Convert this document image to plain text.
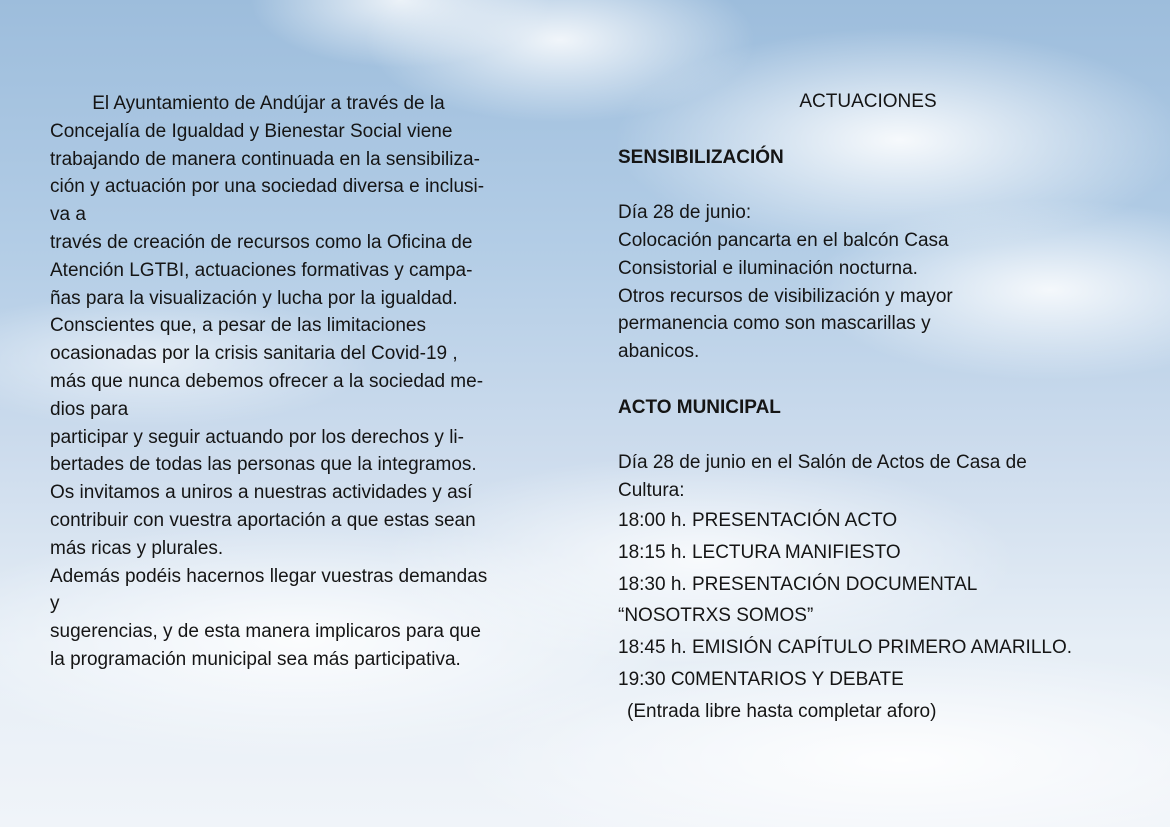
El Ayuntamiento de Andújar a través de la

Concejalía de Igualdad y Bienestar Social viene

trabajando de manera continuada en la sensibiliza-

ción y actuación por una sociedad diversa e inclusi-

va a

través de creación de recursos como la Oficina de

Atención LGTBI, actuaciones formativas y campa-

ñas para la visualización y lucha por la igualdad.

Conscientes que, a pesar de las limitaciones

ocasionadas por la crisis sanitaria del Covid-19 ,

más que nunca debemos ofrecer a la sociedad me-

dios para

participar y seguir actuando por los derechos y li-

bertades de todas las personas que la integramos.

Os invitamos a uniros a nuestras actividades y así

contribuir con vuestra aportación a que estas sean

más ricas y plurales.

Además podéis hacernos llegar vuestras demandas

y

sugerencias, y de esta manera implicaros para que

la programación municipal sea más participativa.

ACTUACIONES

SENSIBILIZACIÓN

Día 28 de junio:

Colocación pancarta en el balcón Casa

Consistorial e iluminación nocturna.

Otros recursos de visibilización y mayor

permanencia como son mascarillas y

abanicos.

ACTO MUNICIPAL

Día 28 de junio en el Salón de Actos de Casa de

Cultura:

18:00 h. PRESENTACIÓN ACTO

18:15 h. LECTURA MANIFIESTO

18:30 h. PRESENTACIÓN DOCUMENTAL

“NOSOTRXS SOMOS”

18:45 h. EMISIÓN CAPÍTULO PRIMERO AMARILLO.

19:30 C0MENTARIOS Y DEBATE

(Entrada libre hasta completar aforo)
